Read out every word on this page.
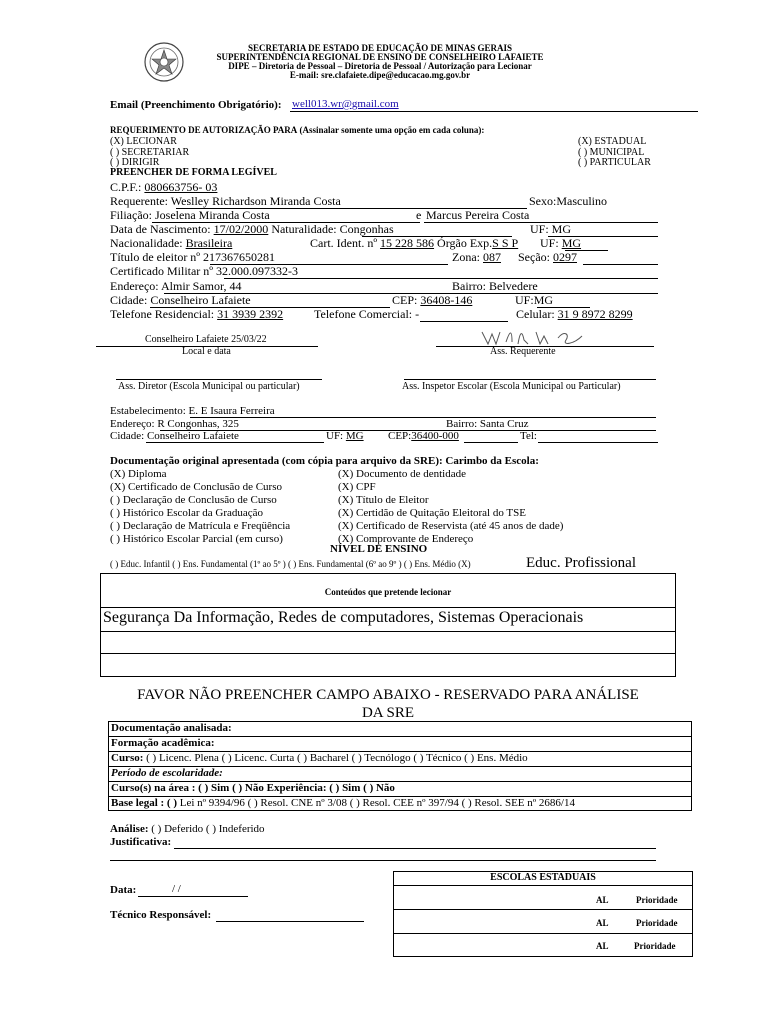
SECRETARIA DE ESTADO DE EDUCAÇÃO DE MINAS GERAIS
SUPERINTENDÊNCIA REGIONAL DE ENSINO DE CONSELHEIRO LAFAIETE
DIPE – Diretoria de Pessoal – Diretoria de Pessoal / Autorização para Lecionar
E-mail: sre.clafaiete.dipe@educacao.mg.gov.br
Email (Preenchimento Obrigatório): well013.wr@gmail.com
REQUERIMENTO DE AUTORIZAÇÃO PARA (Assinalar somente uma opção em cada coluna):
(X) LECIONAR
( ) SECRETARIAR
( ) DIRIGIR
(X) ESTADUAL
( ) MUNICIPAL
( ) PARTICULAR
PREENCHER DE FORMA LEGÍVEL
C.P.F.: 080663756- 03
Requerente: Weslley Richardson Miranda Costa	Sexo:Masculino
Filiação: Joselena Miranda Costa	e Marcus Pereira Costa
Data de Nascimento: 17/02/2000 Naturalidade: Congonhas	UF: MG
Nacionalidade: Brasileira	Cart. Ident. nº 15 228 586 Órgão Exp.S S P UF: MG
Título de eleitor nº 217367650281	Zona: 087 Seção: 0297
Certificado Militar nº 32.000.097332-3
Endereço: Almir Samor, 44	Bairro: Belvedere
Cidade: Conselheiro Lafaiete	CEP: 36408-146	UF:MG
Telefone Residencial: 31 3939 2392	Telefone Comercial: -	Celular: 31 9 8972 8299
Conselheiro Lafaiete 25/03/22
Local e data	Ass. Requerente
Ass. Diretor (Escola Municipal ou particular)	Ass. Inspetor Escolar (Escola Municipal ou Particular)
Estabelecimento: E. E Isaura Ferreira
Endereço: R Congonhas, 325	Bairro: Santa Cruz
Cidade: Conselheiro Lafaiete	UF: MG CEP:36400-000	Tel:
Documentação original apresentada (com cópia para arquivo da SRE): Carimbo da Escola:
(X) Diploma
(X) Certificado de Conclusão de Curso
( ) Declaração de Conclusão de Curso
( ) Histórico Escolar da Graduação
( ) Declaração de Matrícula e Freqüência
( ) Histórico Escolar Parcial (em curso)
(X) Documento de dentidade
(X) CPF
(X) Título de Eleitor
(X) Certidão de Quitação Eleitoral do TSE
(X) Certificado de Reservista (até 45 anos de dade)
(X) Comprovante de Endereço
NÍVEL DE ENSINO
( ) Educ. Infantil ( ) Ens. Fundamental (1º ao 5º ) ( ) Ens. Fundamental (6º ao 9º ) ( ) Ens. Médio (X)	Educ. Profissional
Conteúdos que pretende lecionar
Segurança Da Informação, Redes de computadores, Sistemas Operacionais
FAVOR NÃO PREENCHER CAMPO ABAIXO - RESERVADO PARA ANÁLISE
DA SRE
Documentação analisada:
Formação acadêmica:
Curso: ( ) Licenc. Plena ( ) Licenc. Curta ( ) Bacharel ( ) Tecnólogo ( ) Técnico ( ) Ens. Médio
Período de escolaridade:
Curso(s) na área : ( ) Sim ( ) Não Experiência: ( ) Sim ( ) Não
Base legal : ( ) Lei nº 9394/96 ( ) Resol. CNE nº 3/08 ( ) Resol. CEE nº 397/94 ( ) Resol. SEE nº 2686/14
Análise: ( ) Deferido ( ) Indeferido
Justificativa:
Data:	/ /
Técnico Responsável:
ESCOLAS ESTADUAIS
AL	Prioridade
AL	Prioridade
AL	Prioridade
